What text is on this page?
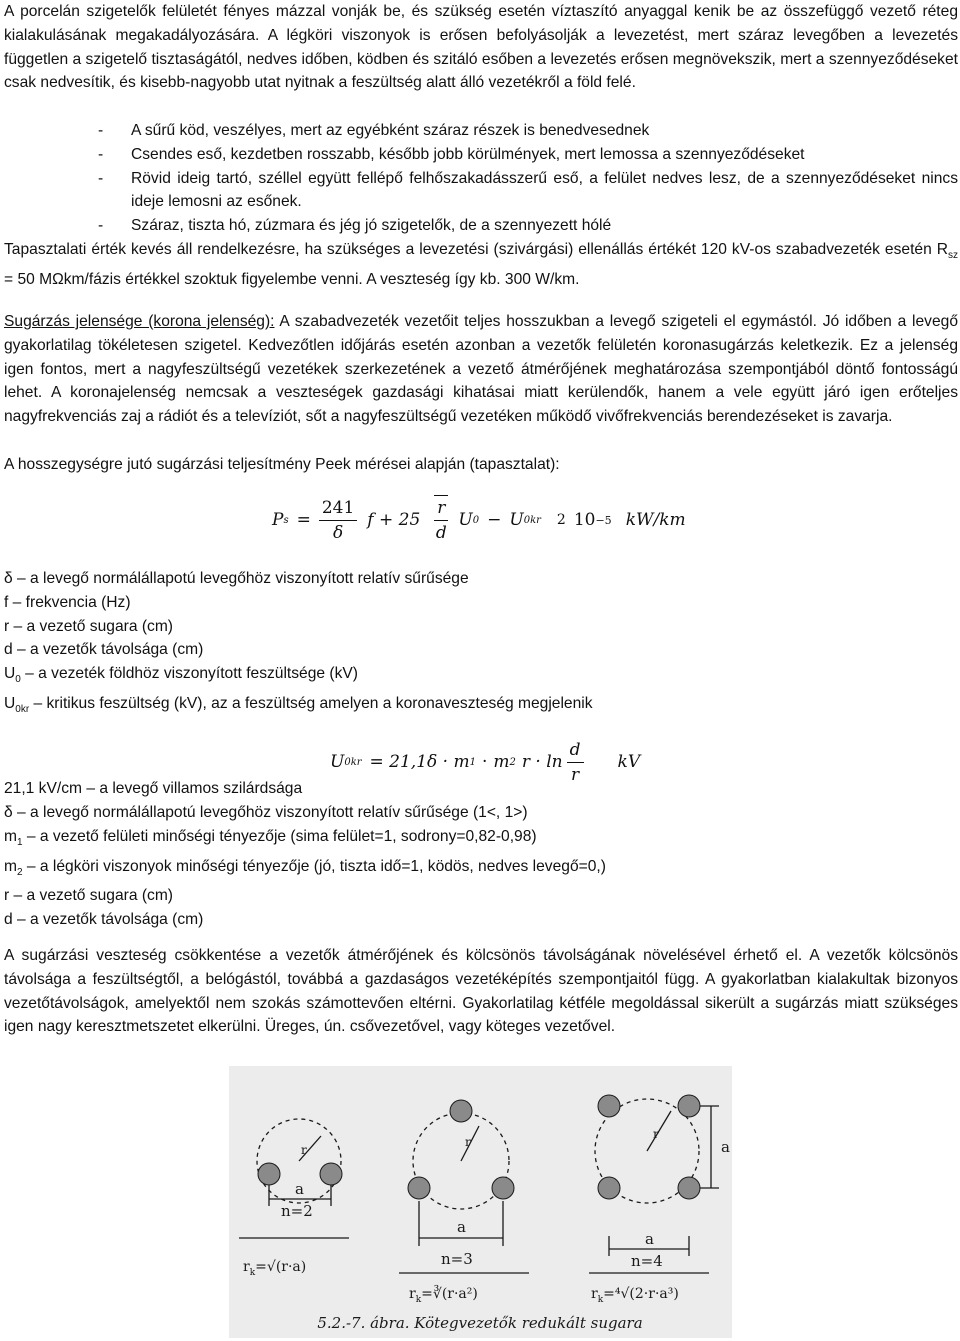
A porcelán szigetelők felületét fényes mázzal vonják be, és szükség esetén víztaszító anyaggal kenik be az összefüggő vezető réteg kialakulásának megakadályozására. A légköri viszonyok is erősen befolyásolják a levezetést, mert száraz levegőben a levezetés független a szigetelő tisztaságától, nedves időben, ködben és szitáló esőben a levezetés erősen megnövekszik, mert a szennyeződéseket csak nedvesítik, és kisebb-nagyobb utat nyitnak a feszültség alatt álló vezetékről a föld felé.

- A sűrű köd, veszélyes, mert az egyébként száraz részek is benedvesednek
- Csendes eső, kezdetben rosszabb, később jobb körülmények, mert lemossa a szennyeződéseket
- Rövid ideig tartó, széllel együtt fellépő felhőszakadásszerű eső, a felület nedves lesz, de a szennyeződéseket nincs ideje lemosni az esőnek.
- Száraz, tiszta hó, zúzmara és jég jó szigetelők, de a szennyezett hólé

Tapasztalati érték kevés áll rendelkezésre, ha szükséges a levezetési (szivárgási) ellenállás értékét 120 kV-os szabadvezeték esetén $R_{sz} = 50$ MΩkm/fázis értékkel szoktuk figyelembe venni. A veszteség így kb. 300 W/km.

Sugárzás jelensége (korona jelenség): A szabadvezeték vezetőit teljes hosszukban a levegő szigeteli el egymástól. Jó időben a levegő gyakorlatilag tökéletesen szigetel. Kedvezőtlen időjárás esetén azonban a vezetők felületén koronasugárzás keletkezik. Ez a jelenség igen fontos, mert a nagyfeszültségű vezetékek szerkezetének a vezető átmérőjének meghatározása szempontjából döntő fontosságú lehet. A koronajelenség nemcsak a veszteségek gazdasági kihatásai miatt kerülendők, hanem a vele együtt járó igen erőteljes nagyfrekvenciás zaj a rádiót és a televíziót, sőt a nagyfeszültségű vezetéken működő vivőfrekvenciás berendezéseket is zavarja.

A hosszegységre jutó sugárzási teljesítmény Peek mérései alapján (tapasztalat):

P $s = \frac{241}{\delta}$ $f + 25 \frac{r}{d}$ U 0 − U 0kr 2 10 −5 kW/km

δ – a levegő normálállapotú levegőhöz viszonyított relatív sűrűsége

f – frekvencia (Hz)

r – a vezető sugara (cm)

d – a vezetők távolsága (cm)

$U_0$ – a vezeték földhöz viszonyított feszültsége (kV)

$U_{0kr}$ – kritikus feszültség (kV), az a feszültség amelyen a koronaveszteség megjelenik

U 0kr = 21,1δ · m 1 · m 2 $r \cdot \ln \frac{d}{r}$ kV

21,1 kV/cm – a levegő villamos szilárdsága

δ – a levegő normálállapotú levegőhöz viszonyított relatív sűrűsége (1<, 1>)

$m_1$ – a vezető felületi minőségi tényezője (sima felület=1, sodrony=0,82-0,98)

$m_2$ – a légköri viszonyok minőségi tényezője (jó, tiszta idő=1, ködös, nedves levegő=0,)

r – a vezető sugara (cm)

d – a vezetők távolsága (cm)

A sugárzási veszteség csökkentése a vezetők átmérőjének és kölcsönös távolságának növelésével érhető el. A vezetők kölcsönös távolsága a feszültségtől, a belógástól, továbbá a gazdaságos vezetéképítés szempontjaitól függ. A gyakorlatban kialakultak bizonyos vezetőtávolságok, amelyektől nem szokás számottevően eltérni. Gyakorlatilag kétféle megoldással sikerült a sugárzás miatt szükséges igen nagy keresztmetszetet elkerülni. Üreges, ún. csővezetővel, vagy köteges vezetővel.

a
a
a
a
r
r
r
n=2
n=3	n=4
$r_k=√(r\cdot a)$
$r_k=∛(r\cdot a^2)$	$r_k=^4√(2\cdot r\cdot a^3)$
5.2.-7. ábra. Kötegvezetők redukált sugara
